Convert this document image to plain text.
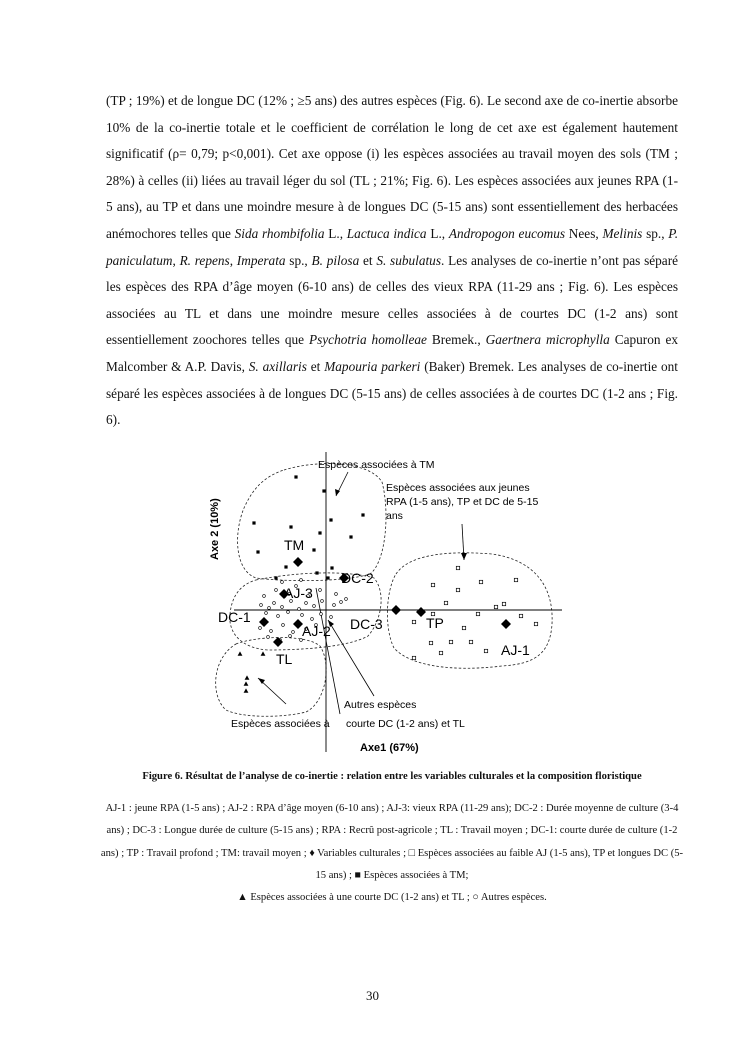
(TP ; 19%) et de longue DC (12% ; ≥5 ans) des autres espèces (Fig. 6). Le second axe de co-inertie absorbe 10% de la co-inertie totale et le coefficient de corrélation le long de cet axe est également hautement significatif (ρ= 0,79; p<0,001). Cet axe oppose (i) les espèces associées au travail moyen des sols (TM ; 28%) à celles (ii) liées au travail léger du sol (TL ; 21%; Fig. 6). Les espèces associées aux jeunes RPA (1-5 ans), au TP et dans une moindre mesure à de longues DC (5-15 ans) sont essentiellement des herbacées anémochores telles que Sida rhombifolia L., Lactuca indica L., Andropogon eucomus Nees, Melinis sp., P. paniculatum, R. repens, Imperata sp., B. pilosa et S. subulatus. Les analyses de co-inertie n’ont pas séparé les espèces des RPA d’âge moyen (6-10 ans) de celles des vieux RPA (11-29 ans ; Fig. 6). Les espèces associées au TL et dans une moindre mesure celles associées à de courtes DC (1-2 ans) sont essentiellement zoochores telles que Psychotria homolleae Bremek., Gaertnera microphylla Capuron ex Malcomber & A.P. Davis, S. axillaris et Mapouria parkeri (Baker) Bremek. Les analyses de co-inertie ont séparé les espèces associées à de longues DC (5-15 ans) de celles associées à de courtes DC (1-2 ans ; Fig. 6).

TM
DC-2
AJ-3
DC-1
AJ-2 DC-3	TP
AJ-1
TL
Espèces associées à TM
Espèces associées aux jeunes
RPA (1-5 ans), TP et DC de 5-15
ans
Autres espèces
Espèces associées à courte DC (1-2 ans) et TL
Axe1 (67%)
Axe 2 (10%)
Figure 6. Résultat de l’analyse de co-inertie : relation entre les variables culturales et la composition floristique
AJ-1 : jeune RPA (1-5 ans) ; AJ-2 : RPA d’âge moyen (6-10 ans) ; AJ-3: vieux RPA (11-29 ans); DC-2 : Durée moyenne de culture (3-4 ans) ; DC-3 : Longue durée de culture (5-15 ans) ; RPA : Recrû post-agricole ; TL : Travail moyen ; DC-1: courte durée de culture (1-2 ans) ; TP : Travail profond ; TM: travail moyen ; ♦ Variables culturales ; □ Espèces associées au faible AJ (1-5 ans), TP et longues DC (5-15 ans) ; ■ Espèces associées à TM;
▲ Espèces associées à une courte DC (1-2 ans) et TL ; ○ Autres espèces.
30
